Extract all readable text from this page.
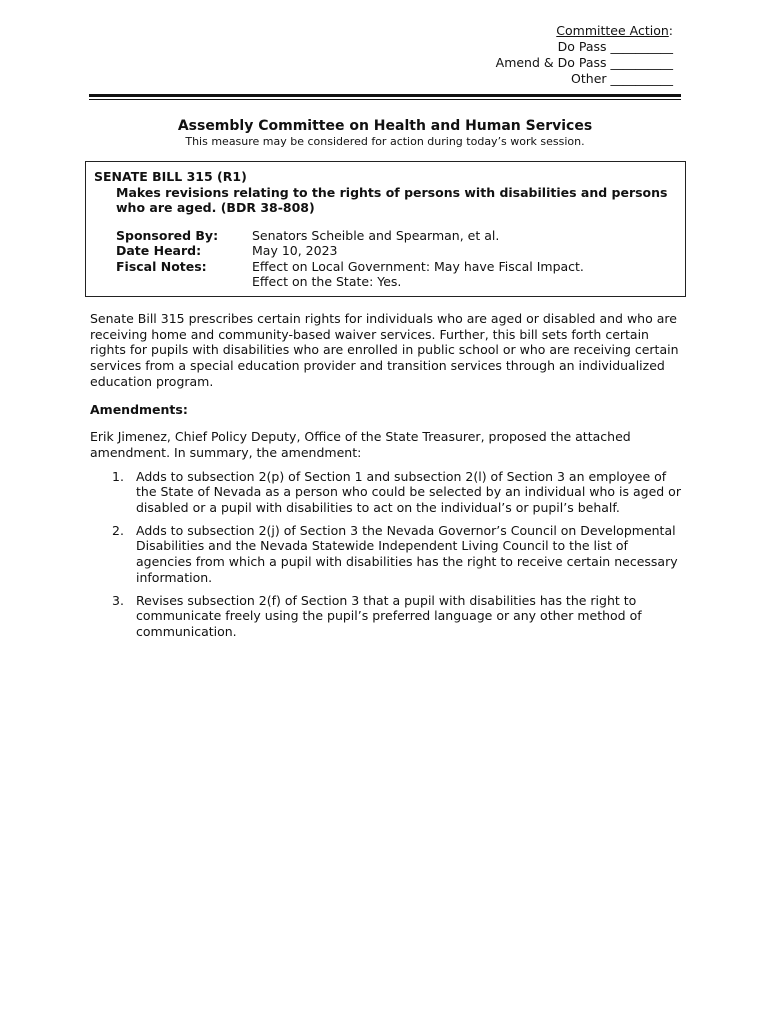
Committee Action:
Do Pass __________
Amend & Do Pass __________
Other __________
Assembly Committee on Health and Human Services
This measure may be considered for action during today’s work session.
SENATE BILL 315 (R1)
Makes revisions relating to the rights of persons with disabilities and persons who are aged. (BDR 38-808)
Sponsored By:	Senators Scheible and Spearman, et al.
Date Heard:	May 10, 2023
Fiscal Notes:	Effect on Local Government: May have Fiscal Impact.
Effect on the State: Yes.

Senate Bill 315 prescribes certain rights for individuals who are aged or disabled and who are receiving home and community-based waiver services. Further, this bill sets forth certain rights for pupils with disabilities who are enrolled in public school or who are receiving certain services from a special education provider and transition services through an individualized education program.

Amendments:

Erik Jimenez, Chief Policy Deputy, Office of the State Treasurer, proposed the attached amendment. In summary, the amendment:

1. Adds to subsection 2(p) of Section 1 and subsection 2(l) of Section 3 an employee of the State of Nevada as a person who could be selected by an individual who is aged or disabled or a pupil with disabilities to act on the individual’s or pupil’s behalf.
2. Adds to subsection 2(j) of Section 3 the Nevada Governor’s Council on Developmental Disabilities and the Nevada Statewide Independent Living Council to the list of agencies from which a pupil with disabilities has the right to receive certain necessary information.
3. Revises subsection 2(f) of Section 3 that a pupil with disabilities has the right to communicate freely using the pupil’s preferred language or any other method of communication.
